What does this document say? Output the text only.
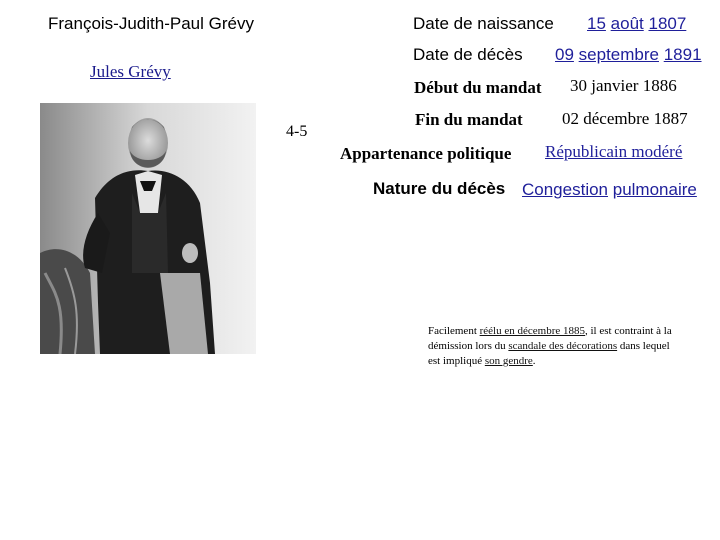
François-Judith-Paul Grévy
Jules Grévy
4-5
Date de naissance 15 août 1807
Date de décès 09 septembre 1891
Début du mandat 30 janvier 1886
Fin du mandat 02 décembre 1887
Appartenance politique Républicain modéré
Nature du décès Congestion pulmonaire
Facilement réélu en décembre 1885, il est contraint à la démission lors du scandale des décorations dans lequel est impliqué son gendre.
